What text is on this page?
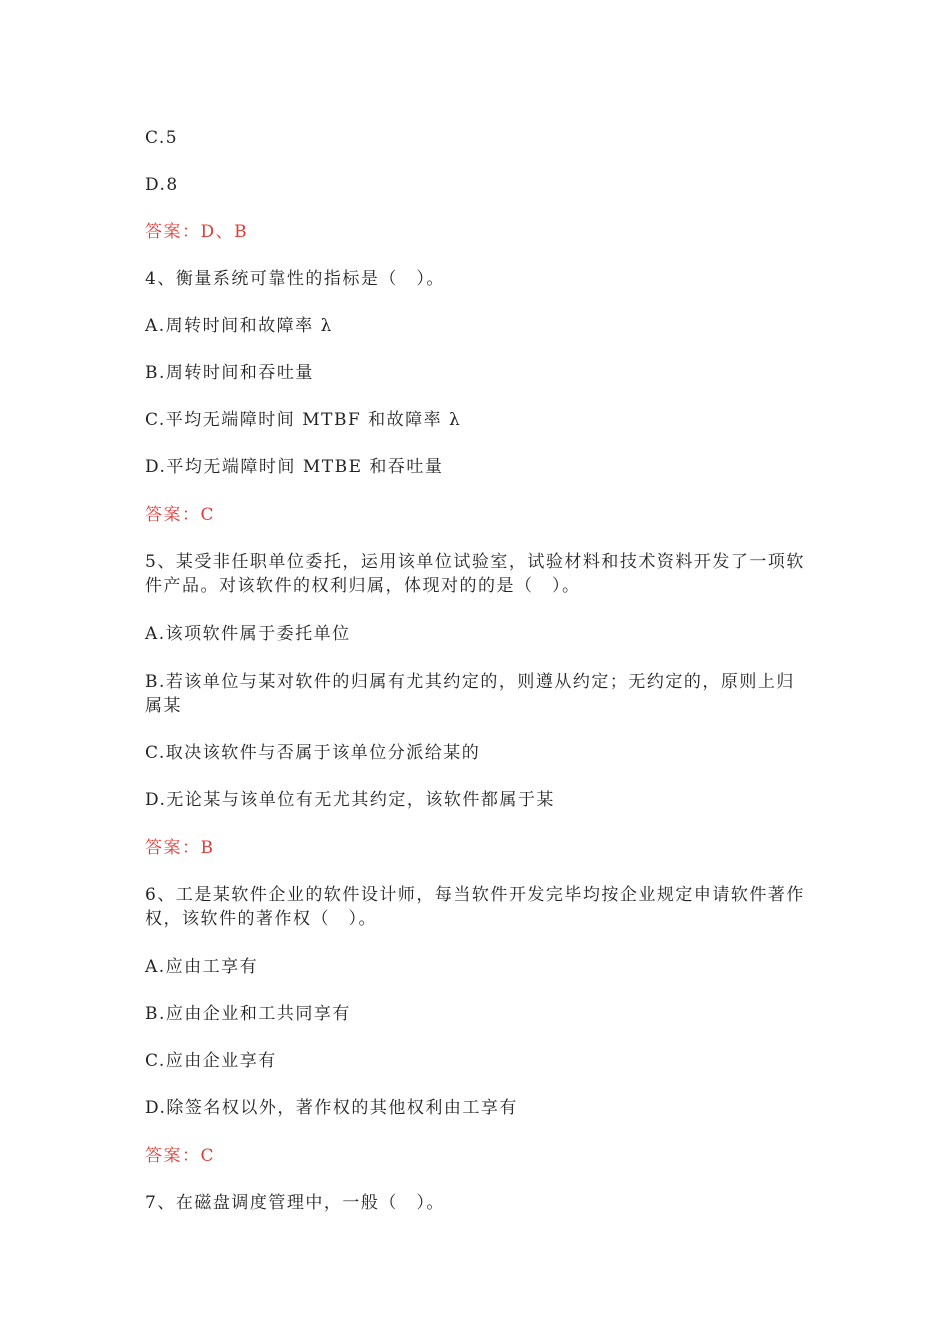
C.5
D.8
答案：D、B
4、衡量系统可靠性的指标是（　）。
A.周转时间和故障率 λ
B.周转时间和吞吐量
C.平均无端障时间 MTBF 和故障率 λ
D.平均无端障时间 MTBE 和吞吐量
答案：C
5、某受非任职单位委托，运用该单位试验室，试验材料和技术资料开发了一项软件产品。对该软件的权利归属，体现对的的是（　）。
A.该项软件属于委托单位
B.若该单位与某对软件的归属有尤其约定的，则遵从约定；无约定的，原则上归属某
C.取决该软件与否属于该单位分派给某的
D.无论某与该单位有无尤其约定，该软件都属于某
答案：B
6、工是某软件企业的软件设计师，每当软件开发完毕均按企业规定申请软件著作权，该软件的著作权（　）。
A.应由工享有
B.应由企业和工共同享有
C.应由企业享有
D.除签名权以外，著作权的其他权利由工享有
答案：C
7、在磁盘调度管理中，一般（　）。
